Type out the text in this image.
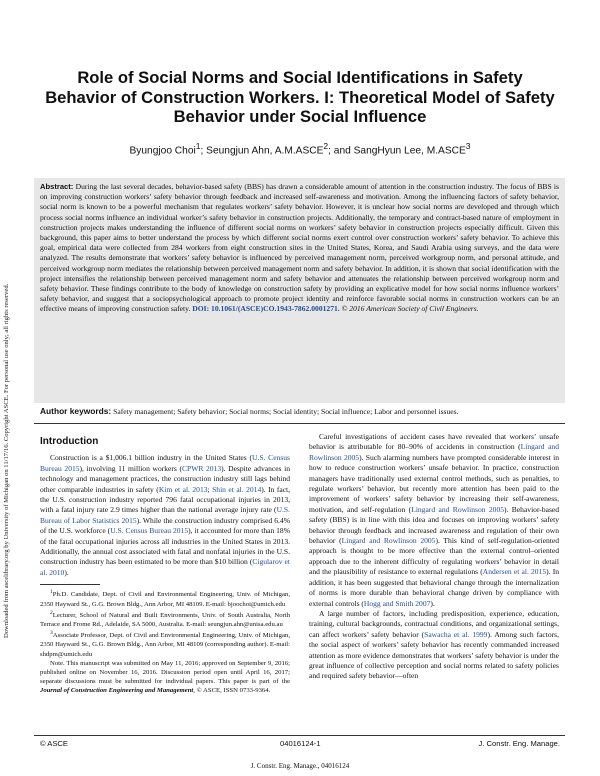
Downloaded from ascelibrary.org by University of Michigan on 11/17/16. Copyright ASCE. For personal use only; all rights reserved.
Role of Social Norms and Social Identifications in Safety Behavior of Construction Workers. I: Theoretical Model of Safety Behavior under Social Influence
Byungjoo Choi$^1$; Seungjun Ahn, A.M.ASCE$^2$; and SangHyun Lee, M.ASCE$^3$

Abstract: During the last several decades, behavior-based safety (BBS) has drawn a considerable amount of attention in the construction industry. The focus of BBS is on improving construction workers’ safety behavior through feedback and increased self-awareness and motivation. Among the influencing factors of safety behavior, social norm is known to be a powerful mechanism that regulates workers’ safety behavior. However, it is unclear how social norms are developed and through which process social norms influence an individual worker’s safety behavior in construction projects. Additionally, the temporary and contract-based nature of employment in construction projects makes understanding the influence of different social norms on workers’ safety behavior in construction projects especially difficult. Given this background, this paper aims to better understand the process by which different social norms exert control over construction workers’ safety behavior. To achieve this goal, empirical data were collected from 284 workers from eight construction sites in the United States, Korea, and Saudi Arabia using surveys, and the data were analyzed. The results demonstrate that workers’ safety behavior is influenced by perceived management norm, perceived workgroup norm, and personal attitude, and perceived workgroup norm mediates the relationship between perceived management norm and safety behavior. In addition, it is shown that social identification with the project intensifies the relationship between perceived management norm and safety behavior and attenuates the relationship between perceived workgroup norm and safety behavior. These findings contribute to the body of knowledge on construction safety by providing an explicative model for how social norms influence workers’ safety behavior, and suggest that a sociopsychological approach to promote project identity and reinforce favorable social norms in construction workers can be an effective means of improving construction safety. DOI: 10.1061/(ASCE)CO.1943-7862.0001271. © 2016 American Society of Civil Engineers.

Author keywords: Safety management; Safety behavior; Social norms; Social identity; Social influence; Labor and personnel issues.
Introduction

Construction is a $1,006.1 billion industry in the United States (U.S. Census Bureau 2015), involving 11 million workers (CPWR 2013). Despite advances in technology and management practices, the construction industry still lags behind other comparable industries in safety (Kim et al. 2013; Shin et al. 2014). In fact, the U.S. construction industry reported 796 fatal occupational injuries in 2013, with a fatal injury rate 2.9 times higher than the national average injury rate (U.S. Bureau of Labor Statistics 2015). While the construction industry comprised 6.4% of the U.S. workforce (U.S. Census Bureau 2015), it accounted for more than 18% of the fatal occupational injuries across all industries in the United States in 2013. Additionally, the annual cost associated with fatal and nonfatal injuries in the U.S. construction industry has been estimated to be more than $10 billion (Cigularov et al. 2010).

$^1$Ph.D. Candidate, Dept. of Civil and Environmental Engineering, Univ. of Michigan, 2350 Hayward St., G.G. Brown Bldg., Ann Arbor, MI 48109. E-mail: bjoochoi@umich.edu

$^2$Lecturer, School of Natural and Built Environments, Univ. of South Australia, North Terrace and Frome Rd., Adelaide, SA 5000, Australia. E-mail: seungjun.ahn@unisa.edu.au

$^3$Associate Professor, Dept. of Civil and Environmental Engineering, Univ. of Michigan, 2350 Hayward St., G.G. Brown Bldg., Ann Arbor, MI 48109 (corresponding author). E-mail: shdpm@umich.edu

Note. This manuscript was submitted on May 11, 2016; approved on September 9, 2016; published online on November 16, 2016. Discussion period open until April 16, 2017; separate discussions must be submitted for individual papers. This paper is part of the Journal of Construction Engineering and Management, © ASCE, ISSN 0733-9364.

Careful investigations of accident cases have revealed that workers’ unsafe behavior is attributable for 80–90% of accidents in construction (Lingard and Rowlinson 2005). Such alarming numbers have prompted considerable interest in how to reduce construction workers’ unsafe behavior. In practice, construction managers have traditionally used external control methods, such as penalties, to regulate workers’ behavior, but recently more attention has been paid to the improvement of workers’ safety behavior by increasing their self-awareness, motivation, and self-regulation (Lingard and Rowlinson 2005). Behavior-based safety (BBS) is in line with this idea and focuses on improving workers’ safety behavior through feedback and increased awareness and regulation of their own behavior (Lingard and Rowlinson 2005). This kind of self-regulation-oriented approach is thought to be more effective than the external control–oriented approach due to the inherent difficulty of regulating workers’ behavior in detail and the plausibility of resistance to external regulations (Andersen et al. 2015). In addition, it has been suggested that behavioral change through the internalization of norms is more durable than behavioral change driven by compliance with external controls (Hogg and Smith 2007).

A large number of factors, including predisposition, experience, education, training, cultural backgrounds, contractual conditions, and organizational settings, can affect workers’ safety behavior (Sawacha et al. 1999). Among such factors, the social aspect of workers’ safety behavior has recently commanded increased attention as more evidence demonstrates that workers’ safety behavior is under the great influence of collective perception and social norms related to safety policies and required safety behavior—often

© ASCE	04016124-1	J. Constr. Eng. Manage.
J. Constr. Eng. Manage., 04016124
